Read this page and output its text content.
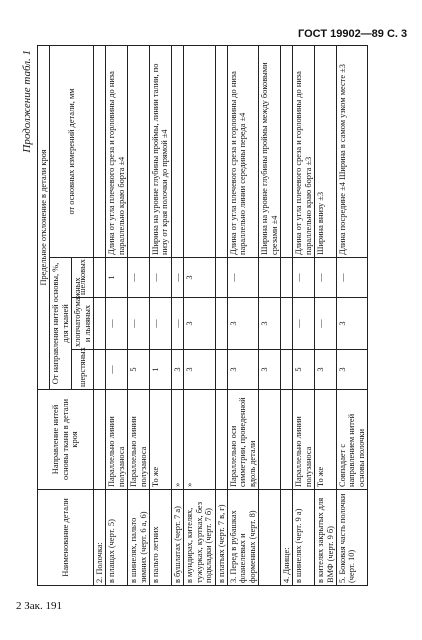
ГОСТ 19902—89 С. 3
2 Зак. 191
Продолжение табл. 1
Наименование детали	Направление нитей основы ткани в детали кроя	Предельное отклонение в детали кроя			
		От направления нитей основы, %, для тканей			от основных измерений детали, мм
		шерстяных	хлопчатобумажных и льняных	шелковых	
2. Полочка:					
в плащах (черт. 5)	Параллельно линии полузаноса	—	—	1	Длина от угла плечевого среза и горловины до низа параллельно краю борта ±4
в шинелях, пальто зимних (черт. 6 а, 6)	Параллельно линии полузаноса	5	—	—	
в пальто летних	То же	1	—	—	Ширина на уровне глубины проймы, линии талии, по низу от края полочки до прямой ±4
в бушлатах (черт. 7 а)	»	3	—	—	
в мундирах, кителях, тужурках, куртках, без подкладки (черт. 7 б)	»	3	3	3	
в платьях (черт. 7 в, г)					
3. Перед в рубашках фланелевых и форменных (черт. 8)	Параллельно оси симметрии, проведенной вдоль детали	3	3	—	Длина от угла плечевого среза и горловины до низа параллельно линии середины переда ±4
		3	3		Ширина на уровне глубины проймы между боковыми срезами ±4
4. Днище:					
в шинелях (черт. 9 а)	Параллельно линии полузаноса	5	—	—	Длина от угла плечевого среза и горловины до низа параллельно краю борта ±3
в кителях закрытых для ВМФ (черт. 9 б)	То же	3	—	—	Ширина внизу ±3
5. Боковая часть полочки (черт. 10)	Совпадает с направлением нитей основы полочки	3	3	—	Длина посредине ±4 Ширина в самом узком месте ±3
